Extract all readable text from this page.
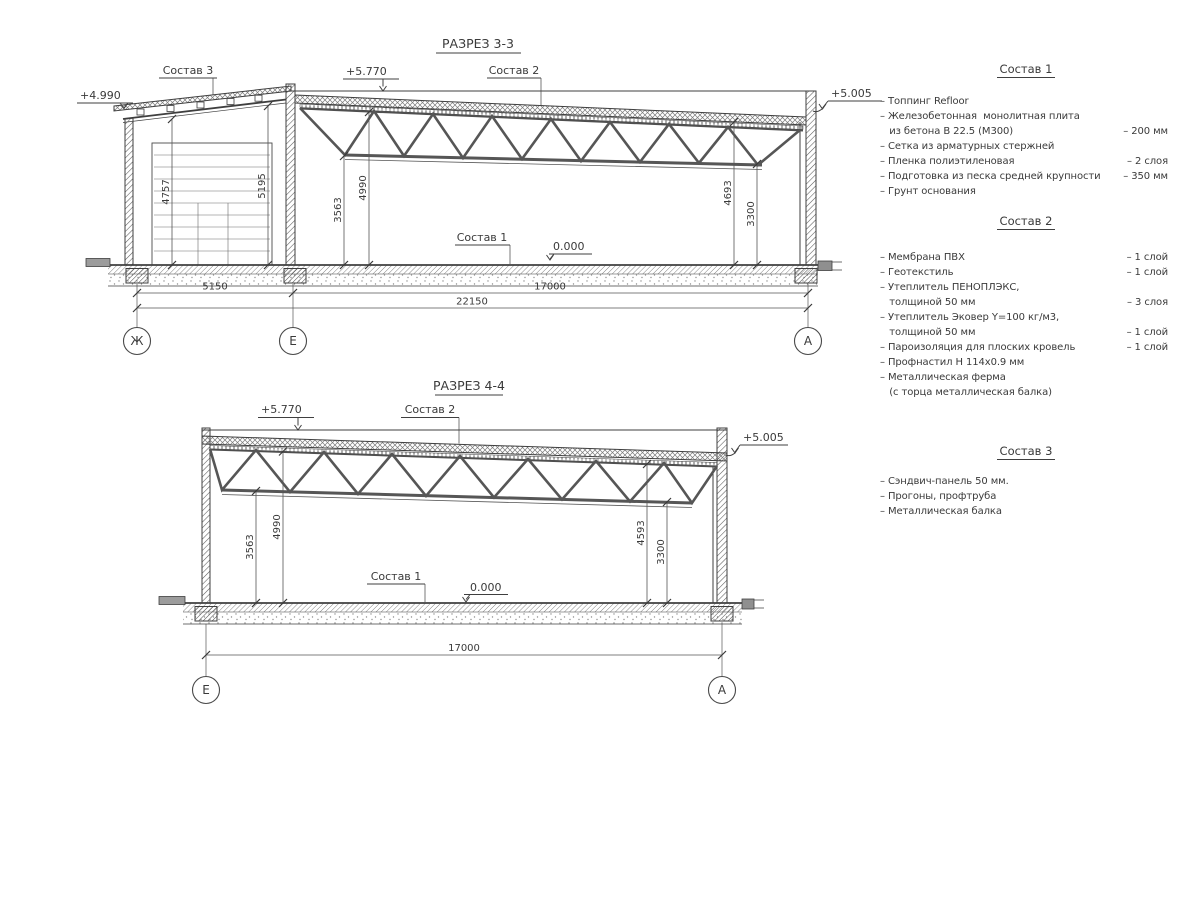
РАЗРЕЗ 3-3
+4.990
+5.770
+5.005
0.000
Состав 3	Состав 2
Состав 1
4757	5195
3563
4990	4693
3300
5150	17000
22150
Ж	Е	А
РАЗРЕЗ 4-4
+5.770	Состав 2
+5.005
Состав 1
0.000
3563
4990	4593
3300
17000
Е	А
Состав 1
– Топпинг Refloor
– Железобетонная  монолитная плита
из бетона В 22.5 (М300)	– 200 мм
– Сетка из арматурных стержней
– Пленка полиэтиленовая	– 2 слоя
– Подготовка из песка средней крупности – 350 мм
– Грунт основания
Состав 2
– Мембрана ПВХ	– 1 слой
– Геотекстиль	– 1 слой
– Утеплитель ПЕНОПЛЭКС,
толщиной 50 мм	– 3 слоя
– Утеплитель Эковер Y=100 кг/м3,
толщиной 50 мм	– 1 слой
– Пароизоляция для плоских кровель	– 1 слой
– Профнастил Н 114х0.9 мм
– Металлическая ферма
(с торца металлическая балка)
Состав 3
– Сэндвич-панель 50 мм.
– Прогоны, профтруба
– Металлическая балка
